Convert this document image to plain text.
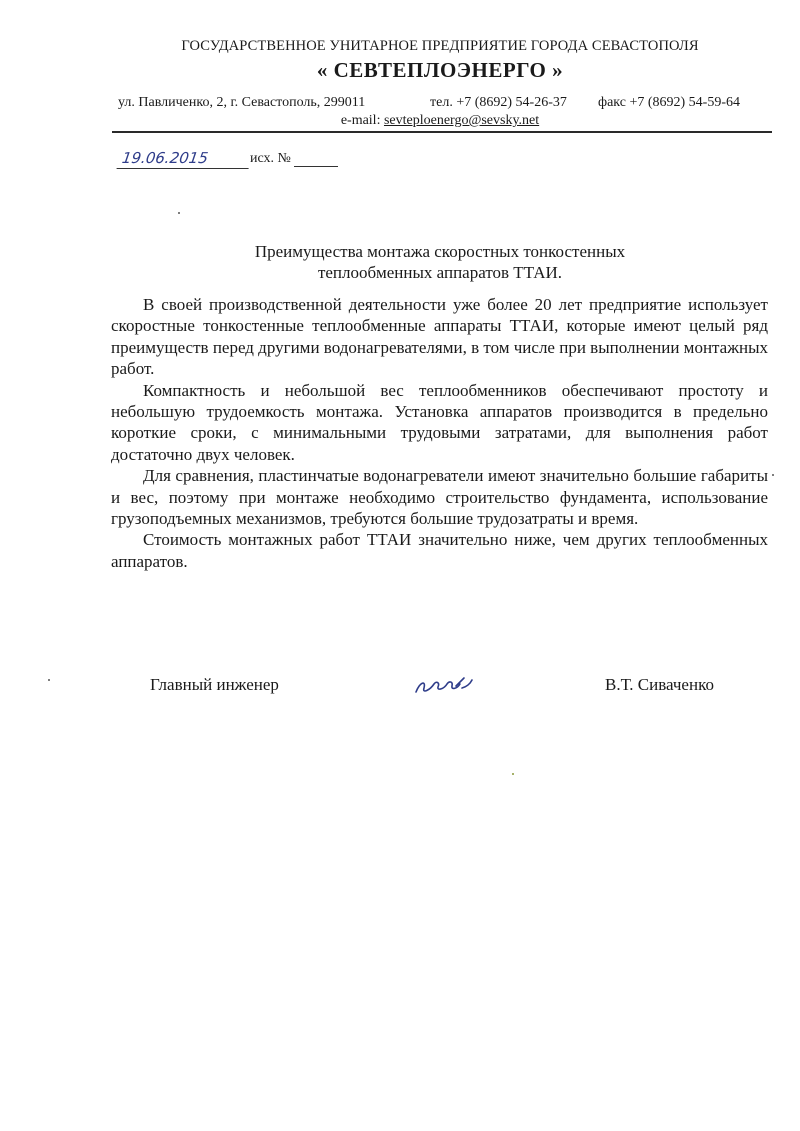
ГОСУДАРСТВЕННОЕ УНИТАРНОЕ ПРЕДПРИЯТИЕ ГОРОДА СЕВАСТОПОЛЯ
« СЕВТЕПЛОЭНЕРГО »
ул. Павличенко, 2, г. Севастополь, 299011	тел. +7 (8692) 54-26-37 факс +7 (8692) 54-59-64
e-mail: sevteploenergo@sevsky.net
19.06.2015	исх. №
Преимущества монтажа скоростных тонкостенных
теплообменных аппаратов ТТАИ.

В своей производственной деятельности уже более 20 лет предприятие использует скоростные тонкостенные теплообменные аппараты ТТАИ, которые имеют целый ряд преимуществ перед другими водонагревателями, в том числе при выполнении монтажных работ.

Компактность и небольшой вес теплообменников обеспечивают простоту и небольшую трудоемкость монтажа. Установка аппаратов производится в предельно короткие сроки, с минимальными трудовыми затратами, для выполнения работ достаточно двух человек.

Для сравнения, пластинчатые водонагреватели имеют значительно большие габариты и вес, поэтому при монтаже необходимо строительство фундамента, использование грузоподъемных механизмов, требуются большие трудозатраты и время.

Стоимость монтажных работ ТТАИ значительно ниже, чем других теплообменных аппаратов.

Главный инженер	В.Т. Сиваченко
